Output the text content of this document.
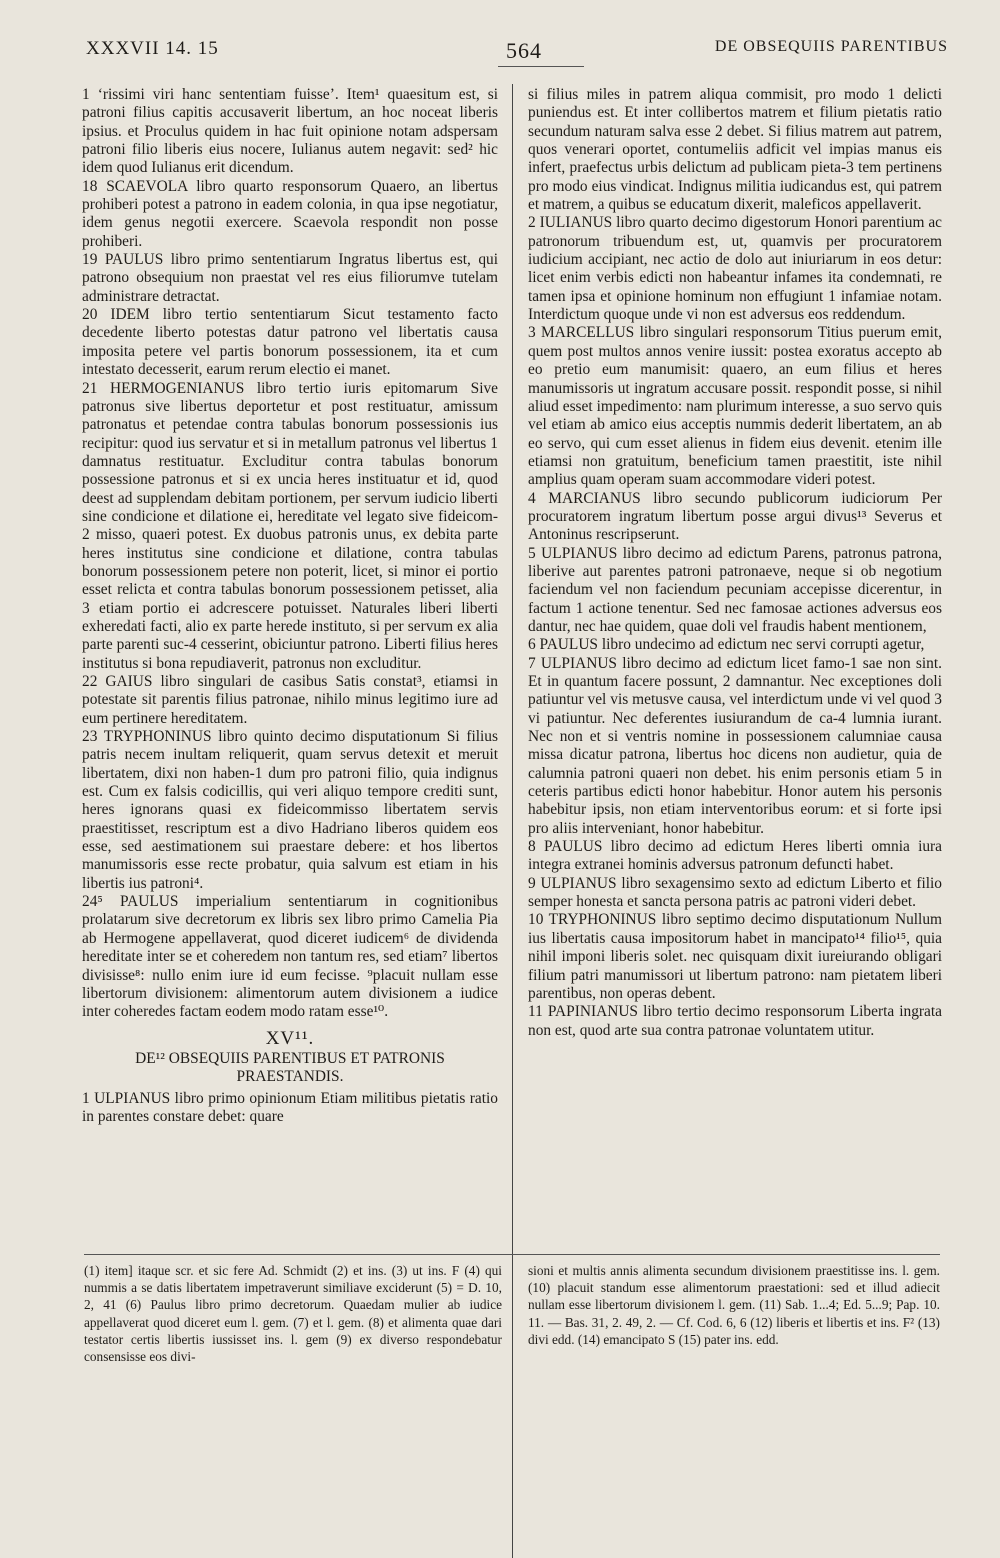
XXXVII 14. 15	564	DE OBSEQUIIS PARENTIBUS

1 ‘rissimi viri hanc sententiam fuisse’. Item¹ quaesitum est, si patroni filius capitis accusaverit libertum, an hoc noceat liberis ipsius. et Proculus quidem in hac fuit opinione notam adspersam patroni filio liberis eius nocere, Iulianus autem negavit: sed² hic idem quod Iulianus erit dicendum.

18 SCAEVOLA libro quarto responsorum Quaero, an libertus prohiberi potest a patrono in eadem colonia, in qua ipse negotiatur, idem genus negotii exercere. Scaevola respondit non posse prohiberi.

19 PAULUS libro primo sententiarum Ingratus libertus est, qui patrono obsequium non praestat vel res eius filiorumve tutelam administrare detractat.

20 IDEM libro tertio sententiarum Sicut testamento facto decedente liberto potestas datur patrono vel libertatis causa imposita petere vel partis bonorum possessionem, ita et cum intestato decesserit, earum rerum electio ei manet.

21 HERMOGENIANUS libro tertio iuris epitomarum Sive patronus sive libertus deportetur et post restituatur, amissum patronatus et petendae contra tabulas bonorum possessionis ius recipitur: quod ius servatur et si in metallum patronus vel libertus 1 damnatus restituatur. Excluditur contra tabulas bonorum possessione patronus et si ex uncia heres instituatur et id, quod deest ad supplendam debitam portionem, per servum iudicio liberti sine condicione et dilatione ei, hereditate vel legato sive fideicom-2 misso, quaeri potest. Ex duobus patronis unus, ex debita parte heres institutus sine condicione et dilatione, contra tabulas bonorum possessionem petere non poterit, licet, si minor ei portio esset relicta et contra tabulas bonorum possessionem petisset, alia 3 etiam portio ei adcrescere potuisset. Naturales liberi liberti exheredati facti, alio ex parte herede instituto, si per servum ex alia parte parenti suc-4 cesserint, obiciuntur patrono. Liberti filius heres institutus si bona repudiaverit, patronus non excluditur.

22 GAIUS libro singulari de casibus Satis constat³, etiamsi in potestate sit parentis filius patronae, nihilo minus legitimo iure ad eum pertinere hereditatem.

23 TRYPHONINUS libro quinto decimo disputationum Si filius patris necem inultam reliquerit, quam servus detexit et meruit libertatem, dixi non haben-1 dum pro patroni filio, quia indignus est. Cum ex falsis codicillis, qui veri aliquo tempore crediti sunt, heres ignorans quasi ex fideicommisso libertatem servis praestitisset, rescriptum est a divo Hadriano liberos quidem eos esse, sed aestimationem sui praestare debere: et hos libertos manumissoris esse recte probatur, quia salvum est etiam in his libertis ius patroni⁴.

24⁵ PAULUS imperialium sententiarum in cognitionibus prolatarum sive decretorum ex libris sex libro primo Camelia Pia ab Hermogene appellaverat, quod diceret iudicem⁶ de dividenda hereditate inter se et coheredem non tantum res, sed etiam⁷ libertos divisisse⁸: nullo enim iure id eum fecisse. ⁹placuit nullam esse libertorum divisionem: alimentorum autem divisionem a iudice inter coheredes factam eodem modo ratam esse¹⁰.

XV¹¹.
DE¹² OBSEQUIIS PARENTIBUS ET PATRONIS PRAESTANDIS.

1 ULPIANUS libro primo opinionum Etiam militibus pietatis ratio in parentes constare debet: quare

si filius miles in patrem aliqua commisit, pro modo 1 delicti puniendus est. Et inter collibertos matrem et filium pietatis ratio secundum naturam salva esse 2 debet. Si filius matrem aut patrem, quos venerari oportet, contumeliis adficit vel impias manus eis infert, praefectus urbis delictum ad publicam pieta-3 tem pertinens pro modo eius vindicat. Indignus militia iudicandus est, qui patrem et matrem, a quibus se educatum dixerit, maleficos appellaverit.

2 IULIANUS libro quarto decimo digestorum Honori parentium ac patronorum tribuendum est, ut, quamvis per procuratorem iudicium accipiant, nec actio de dolo aut iniuriarum in eos detur: licet enim verbis edicti non habeantur infames ita condemnati, re tamen ipsa et opinione hominum non effugiunt 1 infamiae notam. Interdictum quoque unde vi non est adversus eos reddendum.

3 MARCELLUS libro singulari responsorum Titius puerum emit, quem post multos annos venire iussit: postea exoratus accepto ab eo pretio eum manumisit: quaero, an eum filius et heres manumissoris ut ingratum accusare possit. respondit posse, si nihil aliud esset impedimento: nam plurimum interesse, a suo servo quis vel etiam ab amico eius acceptis nummis dederit libertatem, an ab eo servo, qui cum esset alienus in fidem eius devenit. etenim ille etiamsi non gratuitum, beneficium tamen praestitit, iste nihil amplius quam operam suam accommodare videri potest.

4 MARCIANUS libro secundo publicorum iudiciorum Per procuratorem ingratum libertum posse argui divus¹³ Severus et Antoninus rescripserunt.

5 ULPIANUS libro decimo ad edictum Parens, patronus patrona, liberive aut parentes patroni patronaeve, neque si ob negotium faciendum vel non faciendum pecuniam accepisse dicerentur, in factum 1 actione tenentur. Sed nec famosae actiones adversus eos dantur, nec hae quidem, quae doli vel fraudis habent mentionem,

6 PAULUS libro undecimo ad edictum nec servi corrupti agetur,

7 ULPIANUS libro decimo ad edictum licet famo-1 sae non sint. Et in quantum facere possunt, 2 damnantur. Nec exceptiones doli patiuntur vel vis metusve causa, vel interdictum unde vi vel quod 3 vi patiuntur. Nec deferentes iusiurandum de ca-4 lumnia iurant. Nec non et si ventris nomine in possessionem calumniae causa missa dicatur patrona, libertus hoc dicens non audietur, quia de calumnia patroni quaeri non debet. his enim personis etiam 5 in ceteris partibus edicti honor habebitur. Honor autem his personis habebitur ipsis, non etiam interventoribus eorum: et si forte ipsi pro aliis interveniant, honor habebitur.

8 PAULUS libro decimo ad edictum Heres liberti omnia iura integra extranei hominis adversus patronum defuncti habet.

9 ULPIANUS libro sexagensimo sexto ad edictum Liberto et filio semper honesta et sancta persona patris ac patroni videri debet.

10 TRYPHONINUS libro septimo decimo disputationum Nullum ius libertatis causa impositorum habet in mancipato¹⁴ filio¹⁵, quia nihil imponi liberis solet. nec quisquam dixit iureiurando obligari filium patri manumissori ut libertum patrono: nam pietatem liberi parentibus, non operas debent.

11 PAPINIANUS libro tertio decimo responsorum Liberta ingrata non est, quod arte sua contra patronae voluntatem utitur.

(1) item] itaque scr. et sic fere Ad. Schmidt (2) et ins. (3) ut ins. F (4) qui nummis a se datis libertatem impetraverunt similiave exciderunt (5) = D. 10, 2, 41 (6) Paulus libro primo decretorum. Quaedam mulier ab iudice appellaverat quod diceret eum l. gem. (7) et l. gem. (8) et alimenta quae dari testator certis libertis iussisset ins. l. gem (9) ex diverso respondebatur consensisse eos divi-

sioni et multis annis alimenta secundum divisionem praestitisse ins. l. gem. (10) placuit standum esse alimentorum praestationi: sed et illud adiecit nullam esse libertorum divisionem l. gem. (11) Sab. 1...4; Ed. 5...9; Pap. 10. 11. — Bas. 31, 2. 49, 2. — Cf. Cod. 6, 6 (12) liberis et libertis et ins. F² (13) divi edd. (14) emancipato S (15) pater ins. edd.
